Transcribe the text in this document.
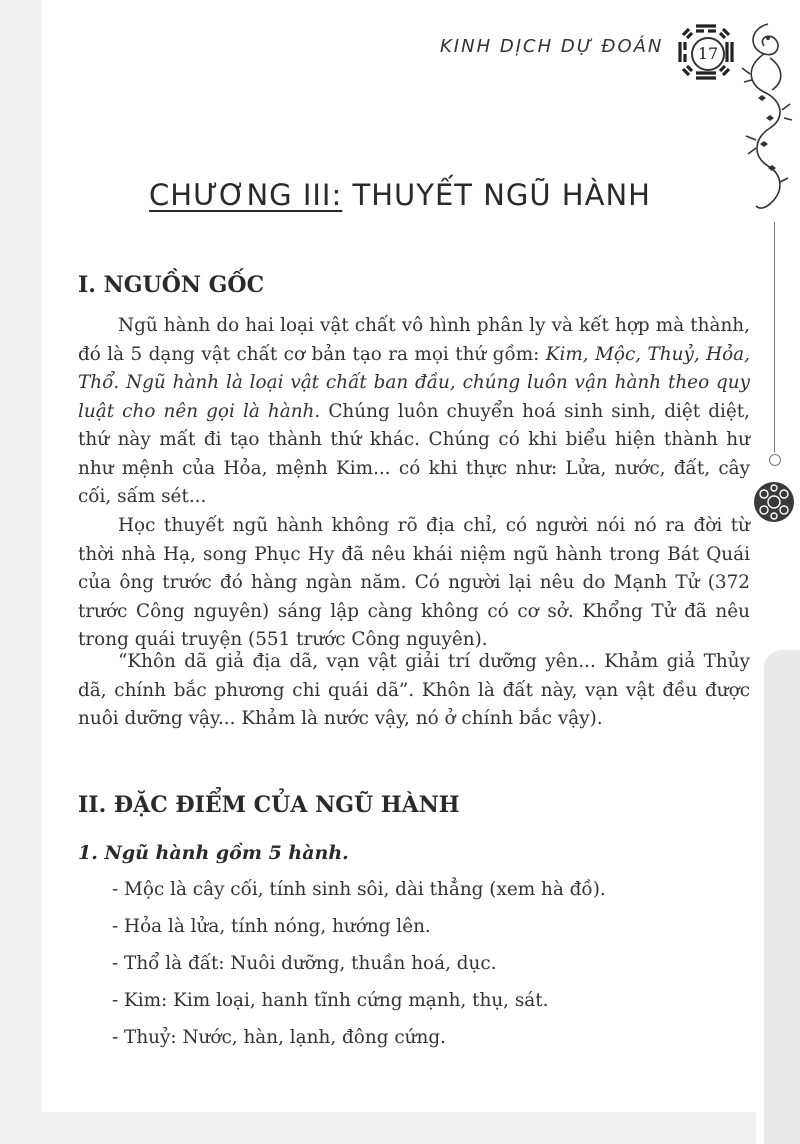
KINH DỊCH DỰ ĐOÁN	17
CHƯƠNG III: THUYẾT NGŨ HÀNH
I. NGUỒN GỐC

Ngũ hành do hai loại vật chất vô hình phân ly và kết hợp mà thành, đó là 5 dạng vật chất cơ bản tạo ra mọi thứ gồm: Kim, Mộc, Thuỷ, Hỏa, Thổ. Ngũ hành là loại vật chất ban đầu, chúng luôn vận hành theo quy luật cho nên gọi là hành. Chúng luôn chuyển hoá sinh sinh, diệt diệt, thứ này mất đi tạo thành thứ khác. Chúng có khi biểu hiện thành hư như mệnh của Hỏa, mệnh Kim... có khi thực như: Lửa, nước, đất, cây cối, sấm sét...

Học thuyết ngũ hành không rõ địa chỉ, có người nói nó ra đời từ thời nhà Hạ, song Phục Hy đã nêu khái niệm ngũ hành trong Bát Quái của ông trước đó hàng ngàn năm. Có người lại nêu do Mạnh Tử (372 trước Công nguyên) sáng lập càng không có cơ sở. Khổng Tử đã nêu trong quái truyện (551 trước Công nguyên).

“Khôn dã giả địa dã, vạn vật giải trí dưỡng yên... Khảm giả Thủy dã, chính bắc phương chi quái dã”. Khôn là đất này, vạn vật đều được nuôi dưỡng vậy... Khảm là nước vậy, nó ở chính bắc vậy).

II. ĐẶC ĐIỂM CỦA NGŨ HÀNH
1. Ngũ hành gồm 5 hành.
- Mộc là cây cối, tính sinh sôi, dài thẳng (xem hà đồ).
- Hỏa là lửa, tính nóng, hướng lên.
- Thổ là đất: Nuôi dưỡng, thuần hoá, dục.
- Kim: Kim loại, hanh tĩnh cứng mạnh, thụ, sát.
- Thuỷ: Nước, hàn, lạnh, đông cứng.
